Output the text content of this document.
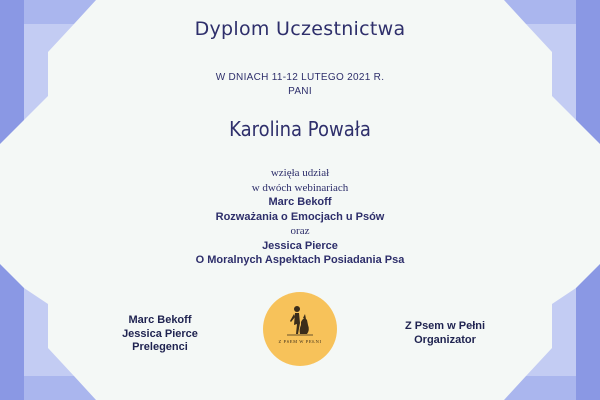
Dyplom Uczestnictwa
W DNIACH 11-12 LUTEGO 2021 R.
PANI
Karolina Powała
wzięła udział
w dwóch webinariach
Marc Bekoff
Rozważania o Emocjach u Psów
oraz
Jessica Pierce
O Moralnych Aspektach Posiadania Psa
Marc Bekoff
Jessica Pierce
Prelegenci	Z PSEM W PEŁNI
Z Psem w Pełni
Organizator
